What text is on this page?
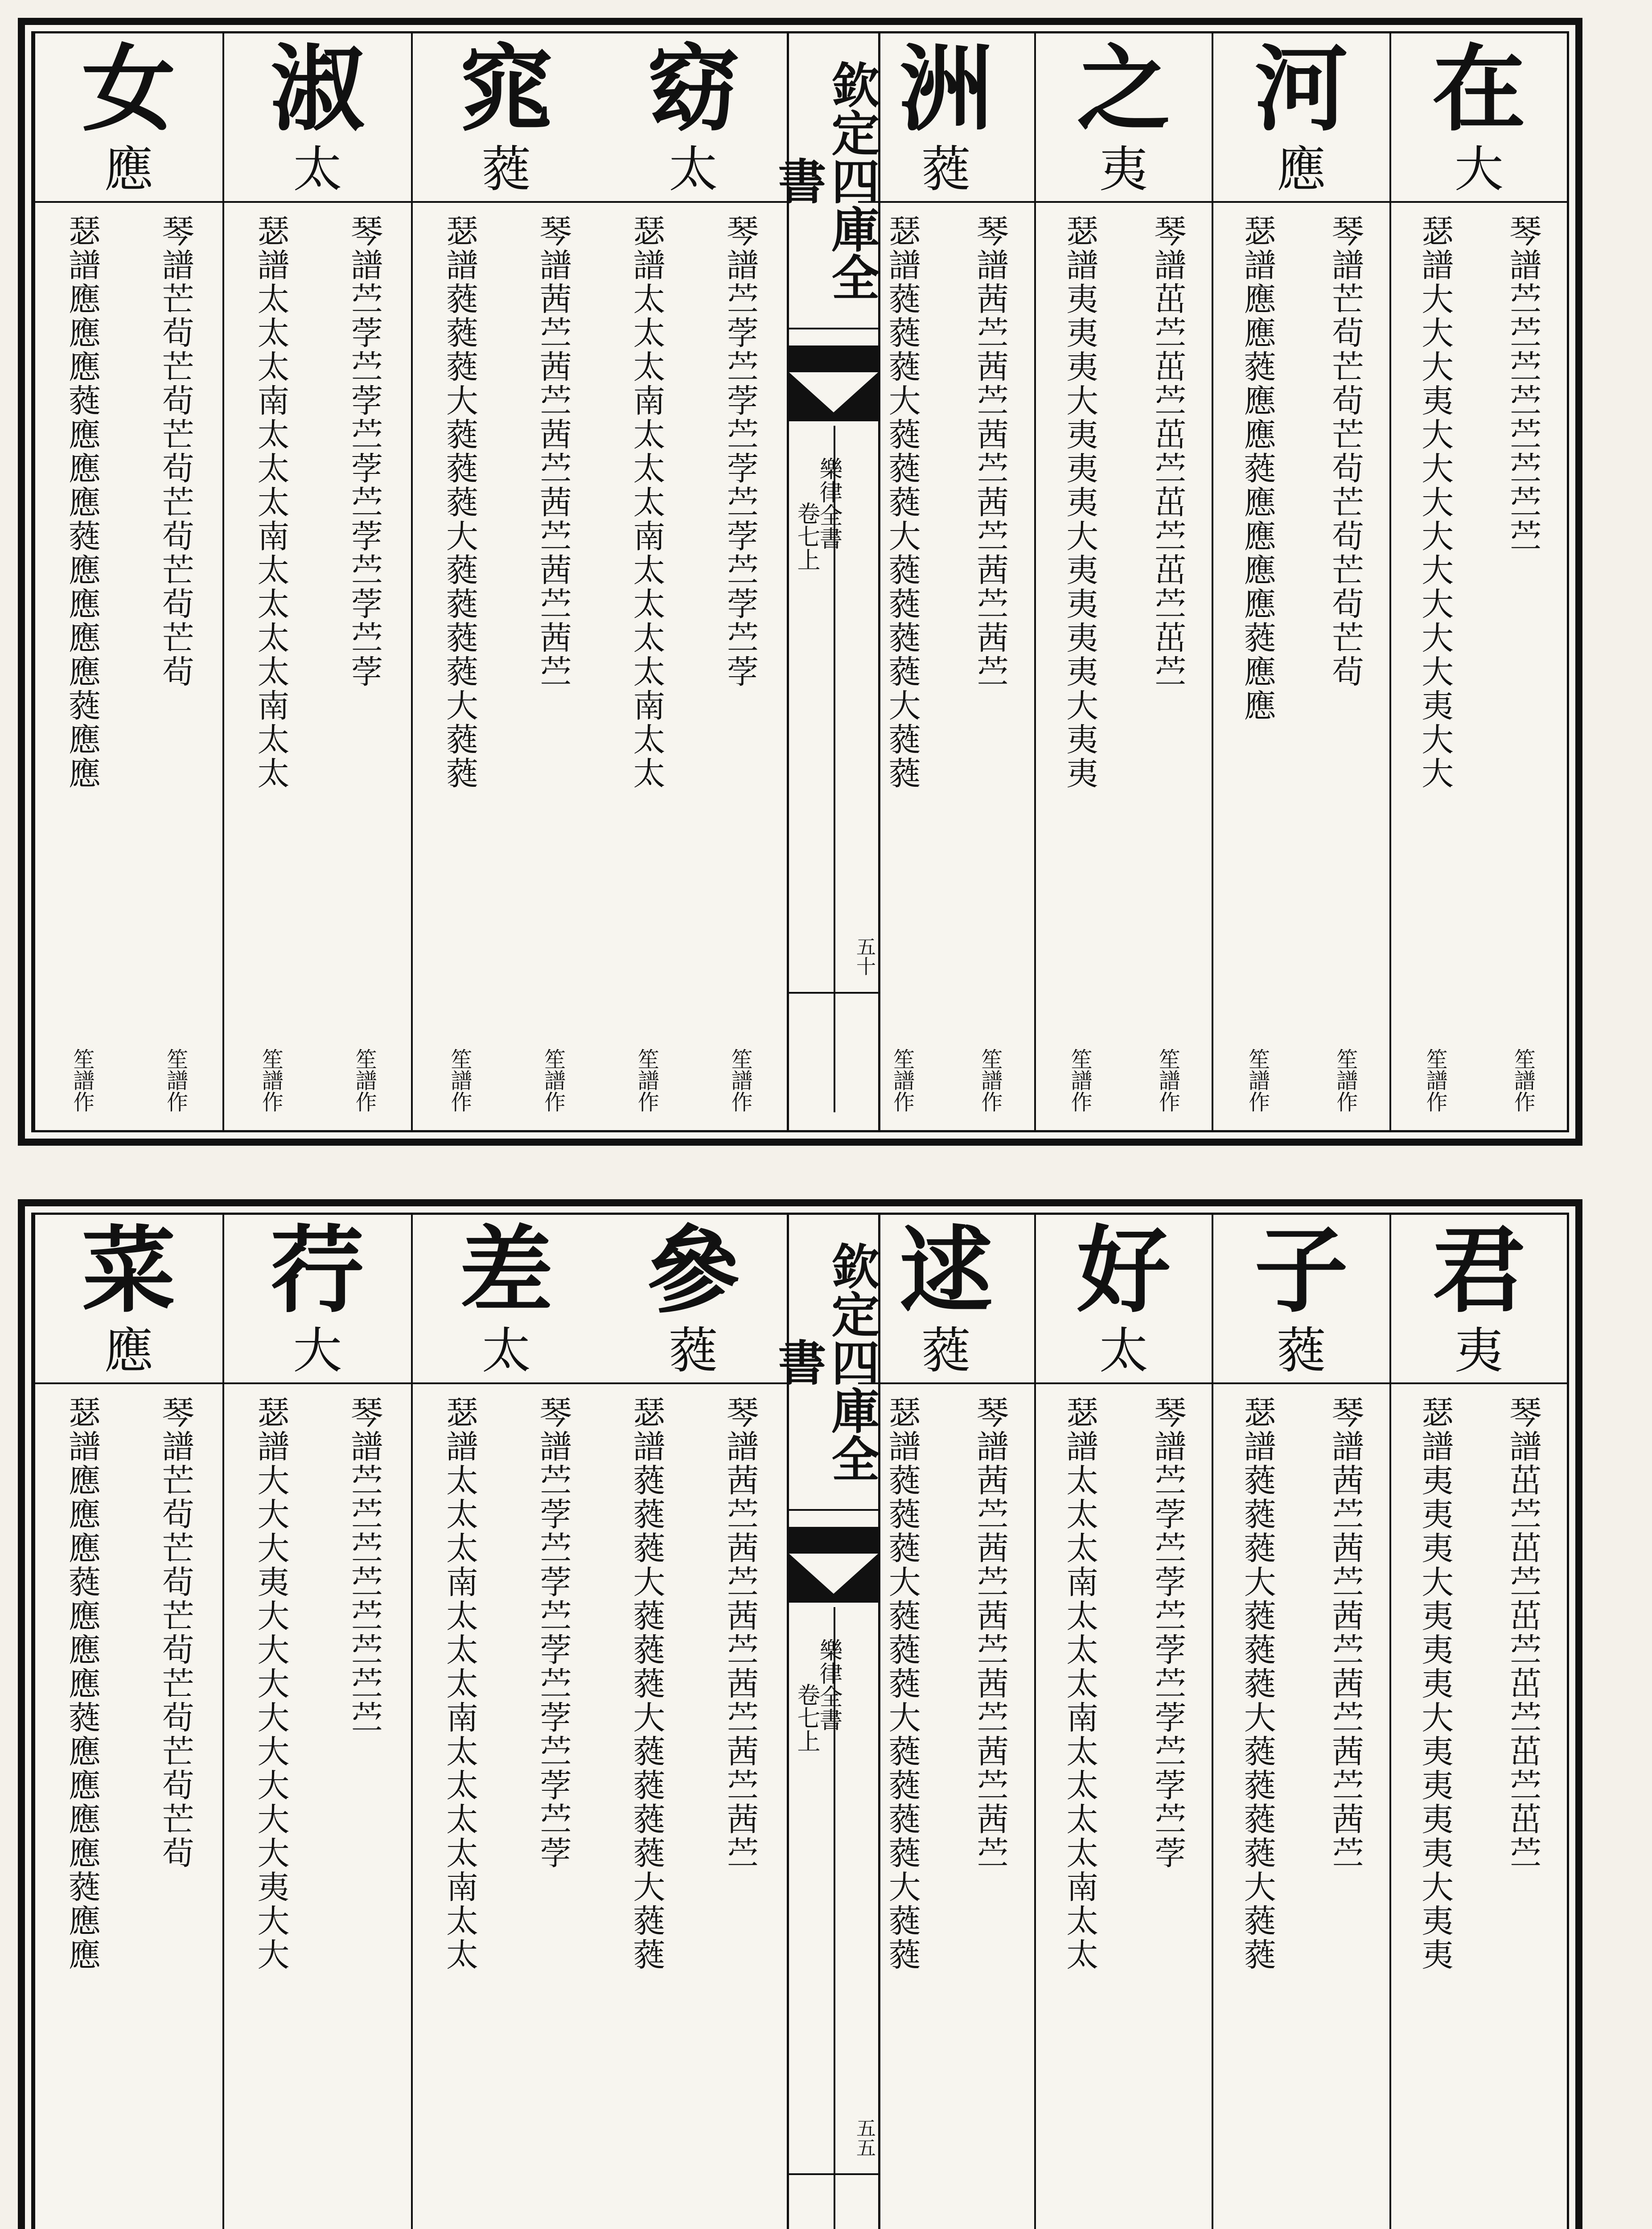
窈
太
琴譜苎茡苎茡苎茡苎茡苎茡苎茡
笙譜作
瑟譜太太太南太太太南太太太太南太太
笙譜作
窕
蕤
琴譜茜苎茜苎茜苎茜苎茜苎茜苎
笙譜作
瑟譜蕤蕤蕤大蕤蕤蕤大蕤蕤蕤蕤大蕤蕤
笙譜作
淑
太
琴譜苎茡苎茡苎茡苎茡苎茡苎茡
笙譜作
瑟譜太太太南太太太南太太太太南太太
笙譜作
女
應
琴譜芒茍芒茍芒茍芒茍芒茍芒茍
笙譜作
瑟譜應應應蕤應應應蕤應應應應蕤應應
笙譜作
欽定四庫全書
樂律全書
卷七上
五十
在
大
琴譜苎苎苎苎苎苎苎苎
笙譜作
瑟譜大大大夷大大大大大大大大夷大大
笙譜作
河
應
琴譜芒茍芒茍芒茍芒茍芒茍芒茍
笙譜作
瑟譜應應蕤應應蕤應應應應蕤應應
笙譜作
之
夷
琴譜茁苎茁苎茁苎茁苎茁苎茁苎
笙譜作
瑟譜夷夷夷大夷夷夷大夷夷夷夷大夷夷
笙譜作
洲
蕤
琴譜茜苎茜苎茜苎茜苎茜苎茜苎
笙譜作
瑟譜蕤蕤蕤大蕤蕤蕤大蕤蕤蕤蕤大蕤蕤
笙譜作
參
蕤
琴譜茜苎茜苎茜苎茜苎茜苎茜苎
瑟譜蕤蕤蕤大蕤蕤蕤大蕤蕤蕤蕤大蕤蕤
差
太
琴譜苎茡苎茡苎茡苎茡苎茡苎茡
瑟譜太太太南太太太南太太太太南太太
荇
大
琴譜苎苎苎苎苎苎苎苎
瑟譜大大大夷大大大大大大大大夷大大
菜
應
琴譜芒茍芒茍芒茍芒茍芒茍芒茍
瑟譜應應應蕤應應應蕤應應應應蕤應應
欽定四庫全書
樂律全書
卷七上
五五
君
夷
琴譜茁苎茁苎茁苎茁苎茁苎茁苎
瑟譜夷夷夷大夷夷夷大夷夷夷夷大夷夷
子
蕤
琴譜茜苎茜苎茜苎茜苎茜苎茜苎
瑟譜蕤蕤蕤大蕤蕤蕤大蕤蕤蕤蕤大蕤蕤
好
太
琴譜苎茡苎茡苎茡苎茡苎茡苎茡
瑟譜太太太南太太太南太太太太南太太
逑
蕤
琴譜茜苎茜苎茜苎茜苎茜苎茜苎
瑟譜蕤蕤蕤大蕤蕤蕤大蕤蕤蕤蕤大蕤蕤
